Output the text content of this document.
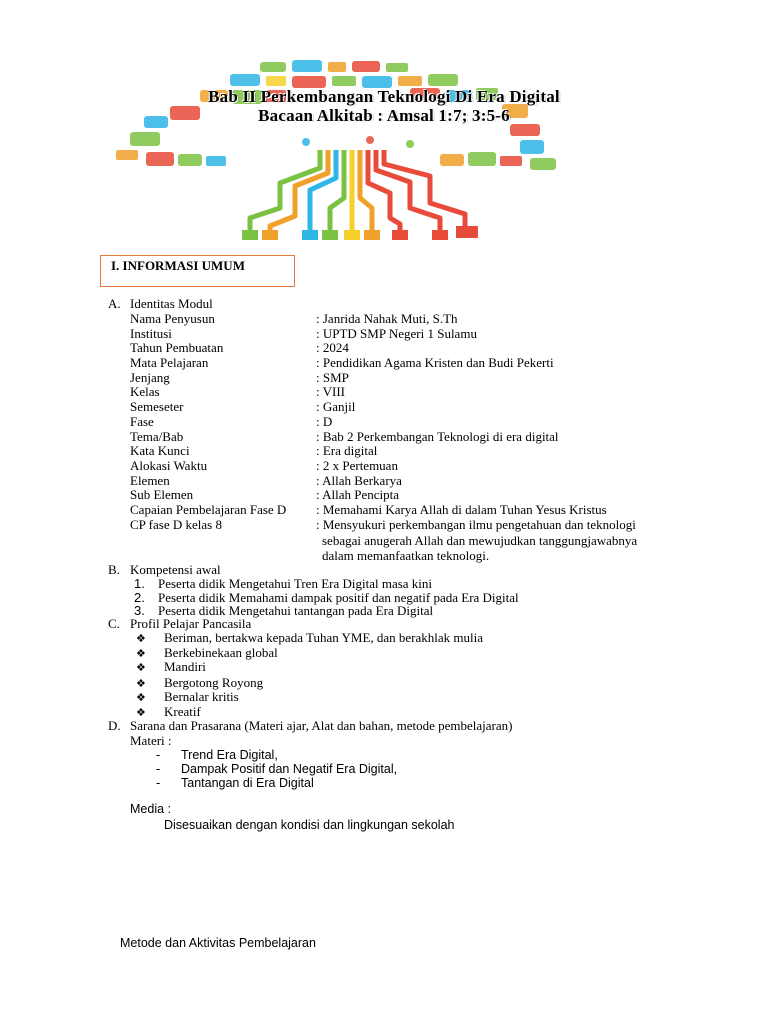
Bab II Perkembangan Teknologi Di Era Digital
Bacaan Alkitab : Amsal 1:7; 3:5-6
I. INFORMASI UMUM
A. Identitas Modul
Nama Penyusun	: Janrida Nahak Muti, S.Th
Institusi	: UPTD SMP Negeri 1 Sulamu
Tahun Pembuatan	: 2024
Mata Pelajaran	: Pendidikan Agama Kristen dan Budi Pekerti
Jenjang	: SMP
Kelas	: VIII
Semeseter	: Ganjil
Fase	: D
Tema/Bab	: Bab 2 Perkembangan Teknologi di era digital
Kata Kunci	: Era digital
Alokasi Waktu	: 2 x Pertemuan
Elemen	: Allah Berkarya
Sub Elemen	: Allah Pencipta
Capaian Pembelajaran Fase D : Memahami Karya Allah di dalam Tuhan Yesus Kristus
CP fase D kelas 8	: Mensyukuri perkembangan ilmu pengetahuan dan teknologi
sebagai anugerah Allah dan mewujudkan tanggungjawabnya
dalam memanfaatkan teknologi.
B. Kompetensi awal
1. Peserta didik Mengetahui Tren Era Digital masa kini
2. Peserta didik Memahami dampak positif dan negatif pada Era Digital
3. Peserta didik Mengetahui tantangan pada Era Digital
C. Profil Pelajar Pancasila
❖ Beriman, bertakwa kepada Tuhan YME, dan berakhlak mulia
❖ Berkebinekaan global
❖ Mandiri
❖ Bergotong Royong
❖ Bernalar kritis
❖ Kreatif
D. Sarana dan Prasarana (Materi ajar, Alat dan bahan, metode pembelajaran)
Materi :
- Trend Era Digital,
- Dampak Positif dan Negatif Era Digital,
- Tantangan di Era Digital
Media :
Disesuaikan dengan kondisi dan lingkungan sekolah
Metode dan Aktivitas Pembelajaran
